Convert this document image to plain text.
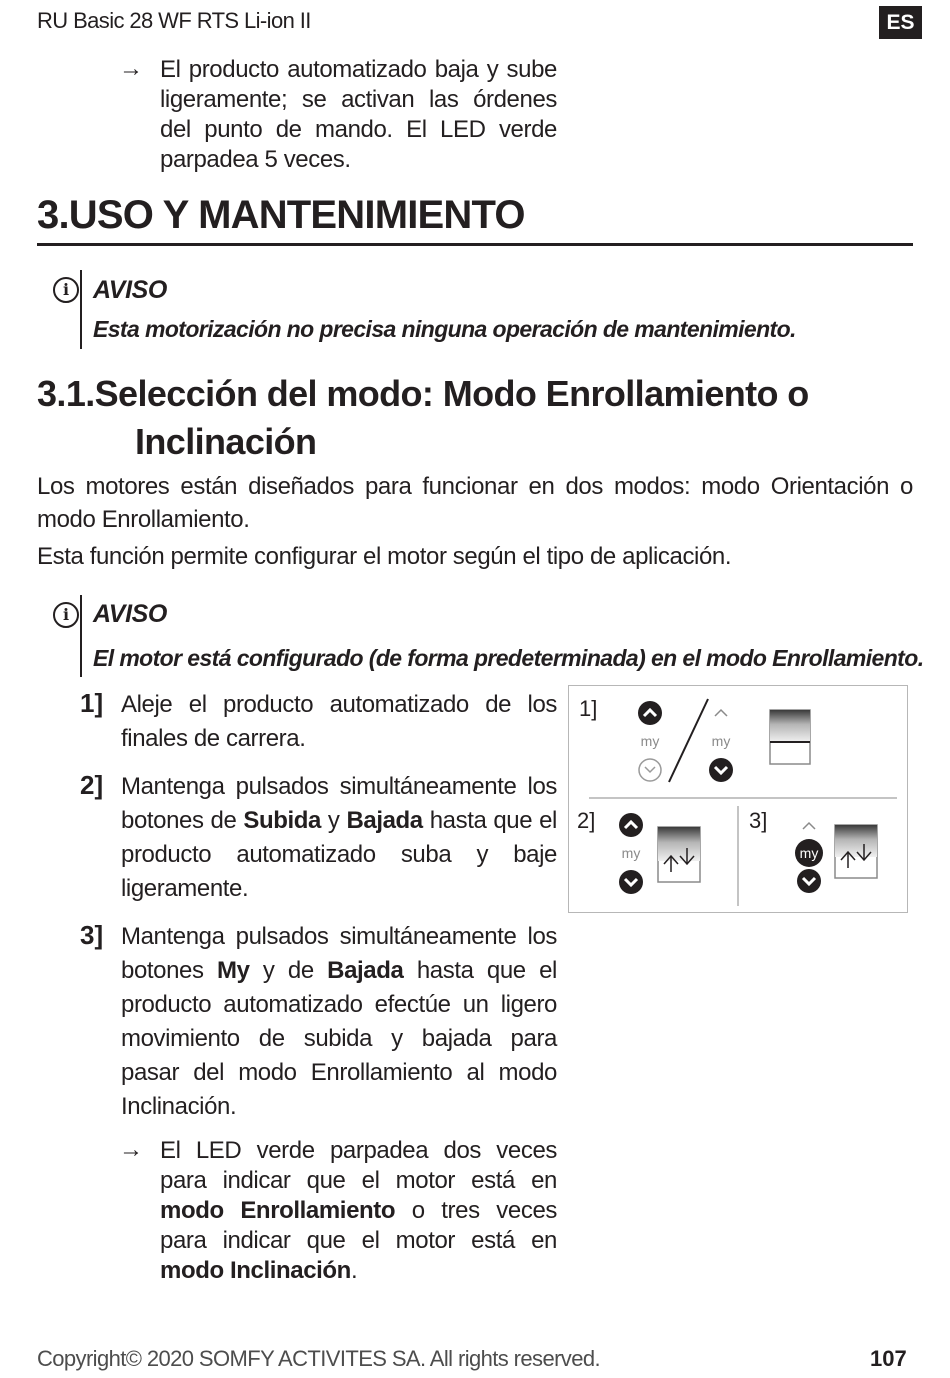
RU Basic 28 WF RTS Li-ion II	ES
→ El producto automatizado baja y sube ligeramente; se activan las órdenes del punto de mando. El LED verde parpadea 5 veces.
3.USO Y MANTENIMIENTO
i AVISO
Esta motorización no precisa ninguna operación de mantenimiento.
3.1.Selección del modo: Modo Enrollamiento o
Inclinación
Los motores están diseñados para funcionar en dos modos: modo Orientación o modo Enrollamiento.
Esta función permite configurar el motor según el tipo de aplicación.
i AVISO
El motor está configurado (de forma predeterminada) en el modo Enrollamiento.
1] Aleje el producto automatizado de los finales de carrera.
2] Mantenga pulsados simultáneamente los botones de Subida y Bajada hasta que el producto automatizado suba y baje ligeramente.
3] Mantenga pulsados simultáneamente los botones My y de Bajada hasta que el producto automatizado efectúe un ligero movimiento de subida y bajada para pasar del modo Enrollamiento al modo Inclinación.
→ El LED verde parpadea dos veces para indicar que el motor está en modo Enrollamiento o tres veces para indicar que el motor está en modo Inclinación.
1]
my	my
2]
my
3]
my
Copyright© 2020 SOMFY ACTIVITES SA. All rights reserved.	107
